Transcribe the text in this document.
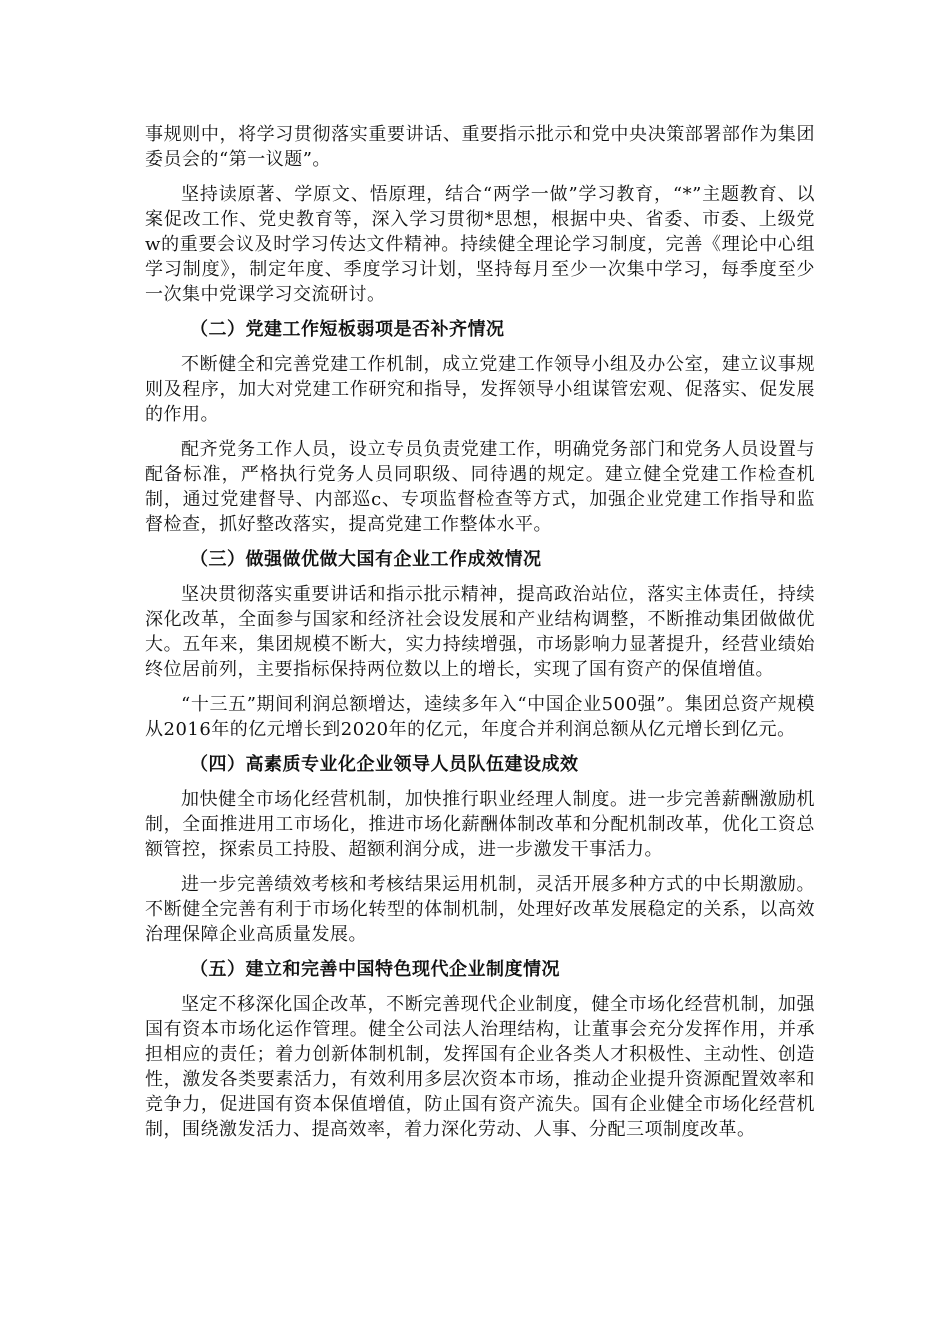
事规则中，将学习贯彻落实重要讲话、重要指示批示和党中央决策部署部作为集团委员会的“第一议题”。

坚持读原著、学原文、悟原理，结合“两学一做”学习教育，“*”主题教育、以案促改工作、党史教育等，深入学习贯彻*思想，根据中央、省委、市委、上级党w的重要会议及时学习传达文件精神。持续健全理论学习制度，完善《理论中心组学习制度》，制定年度、季度学习计划，坚持每月至少一次集中学习，每季度至少一次集中党课学习交流研讨。

（二）党建工作短板弱项是否补齐情况

不断健全和完善党建工作机制，成立党建工作领导小组及办公室，建立议事规则及程序，加大对党建工作研究和指导，发挥领导小组谋管宏观、促落实、促发展的作用。

配齐党务工作人员，设立专员负责党建工作，明确党务部门和党务人员设置与配备标准，严格执行党务人员同职级、同待遇的规定。建立健全党建工作检查机制，通过党建督导、内部巡c、专项监督检查等方式，加强企业党建工作指导和监督检查，抓好整改落实，提高党建工作整体水平。

（三）做强做优做大国有企业工作成效情况

坚决贯彻落实重要讲话和指示批示精神，提高政治站位，落实主体责任，持续深化改革，全面参与国家和经济社会设发展和产业结构调整，不断推动集团做做优大。五年来，集团规模不断大，实力持续增强，市场影响力显著提升，经营业绩始终位居前列，主要指标保持两位数以上的增长，实现了国有资产的保值增值。

“十三五”期间利润总额增达，逵续多年入“中国企业500强”。集团总资产规模从2016年的亿元增长到2020年的亿元，年度合并利润总额从亿元增长到亿元。

（四）高素质专业化企业领导人员队伍建设成效

加快健全市场化经营机制，加快推行职业经理人制度。进一步完善薪酬激励机制，全面推进用工市场化，推进市场化薪酬体制改革和分配机制改革，优化工资总额管控，探索员工持股、超额利润分成，进一步激发干事活力。

进一步完善绩效考核和考核结果运用机制，灵活开展多种方式的中长期激励。不断健全完善有利于市场化转型的体制机制，处理好改革发展稳定的关系，以高效治理保障企业高质量发展。

（五）建立和完善中国特色现代企业制度情况

坚定不移深化国企改革，不断完善现代企业制度，健全市场化经营机制，加强国有资本市场化运作管理。健全公司法人治理结构，让董事会充分发挥作用，并承担相应的责任；着力创新体制机制，发挥国有企业各类人才积极性、主动性、创造性，激发各类要素活力，有效利用多层次资本市场，推动企业提升资源配置效率和竞争力，促进国有资本保值增值，防止国有资产流失。国有企业健全市场化经营机制，围绕激发活力、提高效率，着力深化劳动、人事、分配三项制度改革。
